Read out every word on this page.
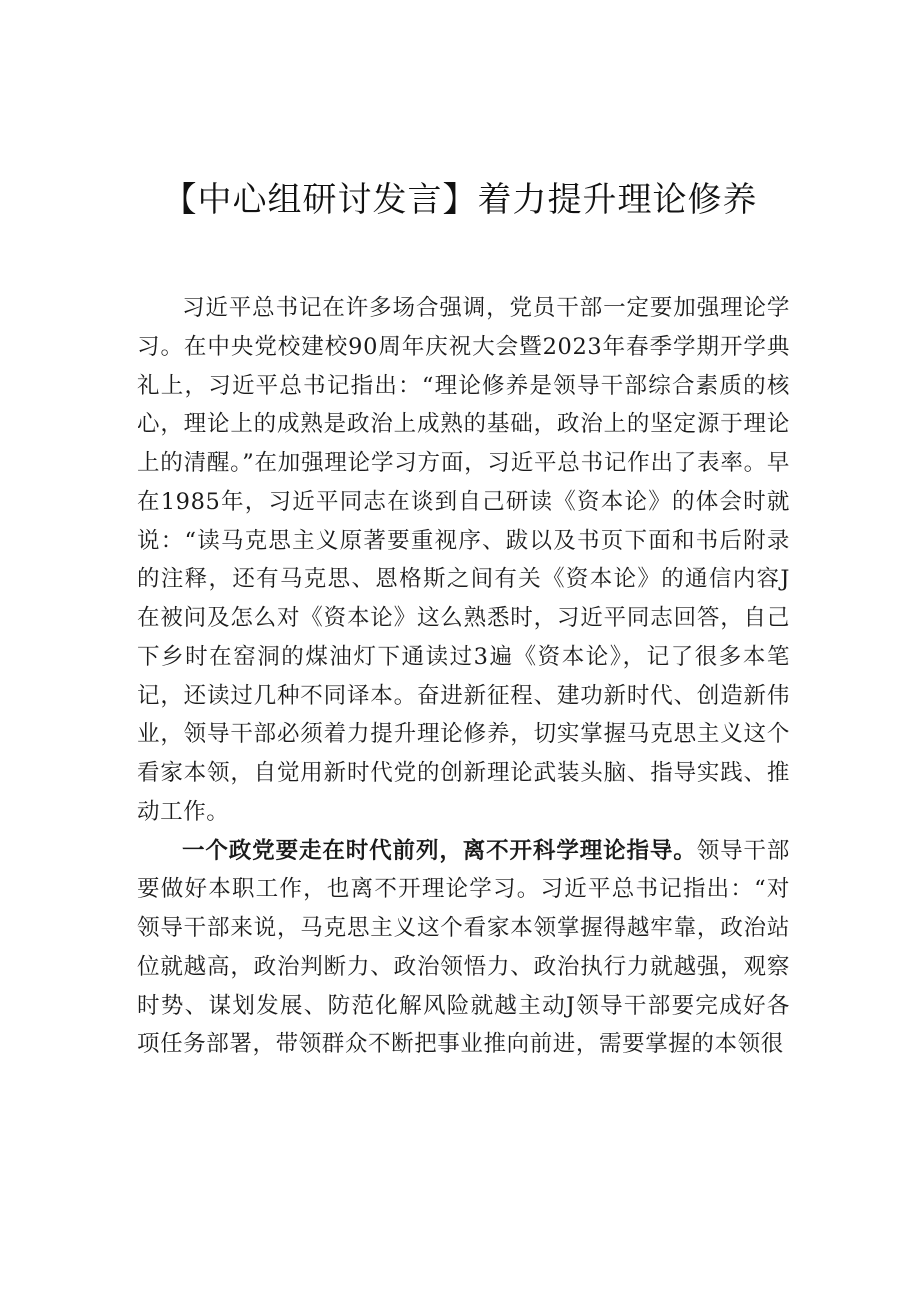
【中心组研讨发言】着力提升理论修养

习近平总书记在许多场合强调，党员干部一定要加强理论学习。在中央党校建校90周年庆祝大会暨2023年春季学期开学典礼上，习近平总书记指出：“理论修养是领导干部综合素质的核心，理论上的成熟是政治上成熟的基础，政治上的坚定源于理论上的清醒。”在加强理论学习方面，习近平总书记作出了表率。早在1985年，习近平同志在谈到自己研读《资本论》的体会时就说：“读马克思主义原著要重视序、跋以及书页下面和书后附录的注释，还有马克思、恩格斯之间有关《资本论》的通信内容J在被问及怎么对《资本论》这么熟悉时，习近平同志回答，自己下乡时在窑洞的煤油灯下通读过3遍《资本论》，记了很多本笔记，还读过几种不同译本。奋进新征程、建功新时代、创造新伟业，领导干部必须着力提升理论修养，切实掌握马克思主义这个看家本领，自觉用新时代党的创新理论武装头脑、指导实践、推动工作。

一个政党要走在时代前列，离不开科学理论指导。领导干部要做好本职工作，也离不开理论学习。习近平总书记指出：“对领导干部来说，马克思主义这个看家本领掌握得越牢靠，政治站位就越高，政治判断力、政治领悟力、政治执行力就越强，观察时势、谋划发展、防范化解风险就越主动J领导干部要完成好各项任务部署，带领群众不断把事业推向前进，需要掌握的本领很
